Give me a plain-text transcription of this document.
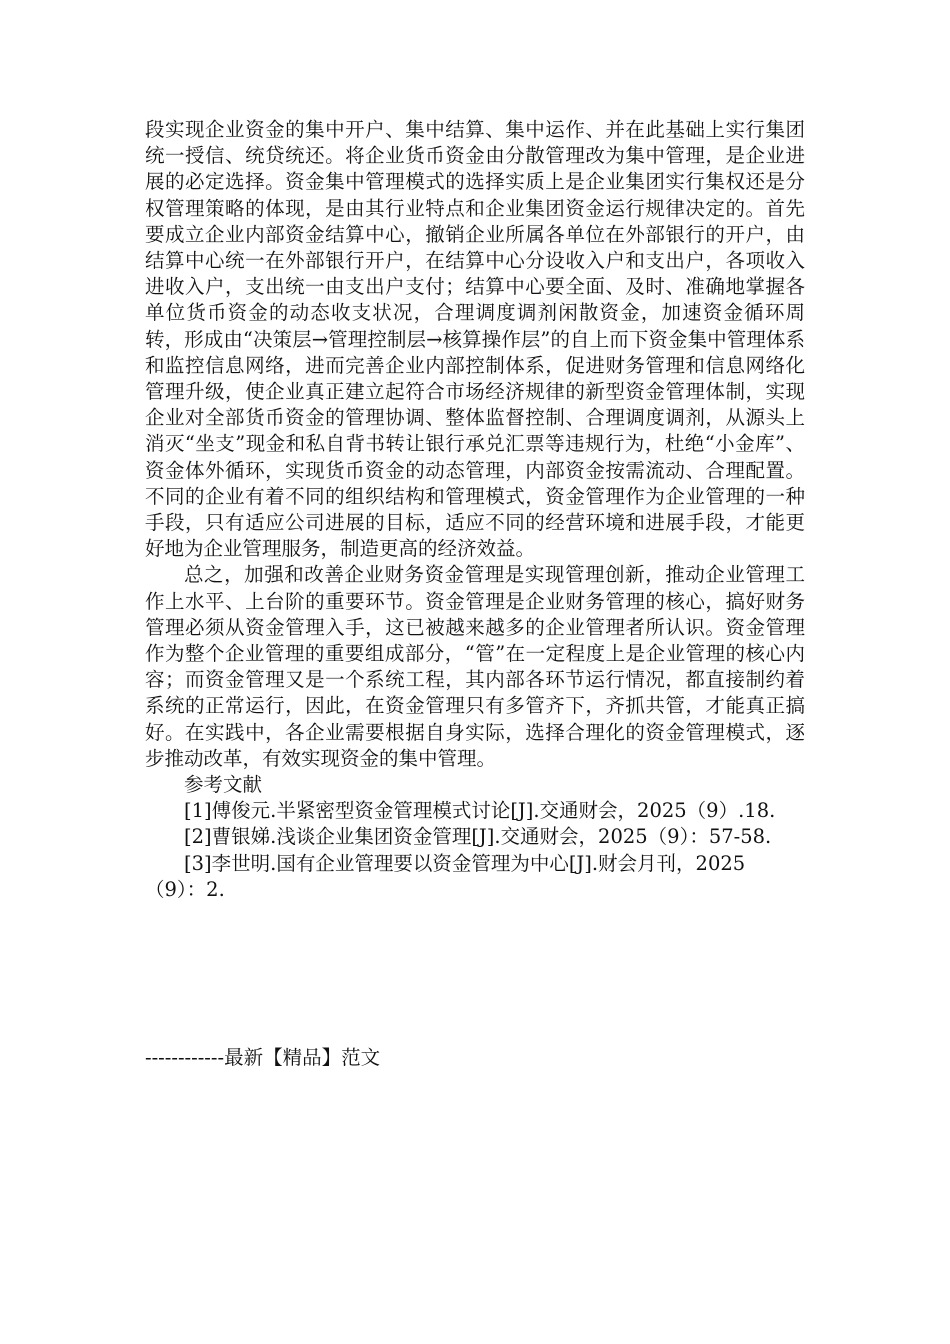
段实现企业资金的集中开户、集中结算、集中运作、并在此基础上实行集团统一授信、统贷统还。将企业货币资金由分散管理改为集中管理，是企业进展的必定选择。资金集中管理模式的选择实质上是企业集团实行集权还是分权管理策略的体现，是由其行业特点和企业集团资金运行规律决定的。首先要成立企业内部资金结算中心，撤销企业所属各单位在外部银行的开户，由结算中心统一在外部银行开户，在结算中心分设收入户和支出户，各项收入进收入户，支出统一由支出户支付；结算中心要全面、及时、准确地掌握各单位货币资金的动态收支状况，合理调度调剂闲散资金，加速资金循环周转，形成由“决策层→管理控制层→核算操作层”的自上而下资金集中管理体系和监控信息网络，进而完善企业内部控制体系，促进财务管理和信息网络化管理升级，使企业真正建立起符合市场经济规律的新型资金管理体制，实现企业对全部货币资金的管理协调、整体监督控制、合理调度调剂，从源头上消灭“坐支”现金和私自背书转让银行承兑汇票等违规行为，杜绝“小金库”、资金体外循环，实现货币资金的动态管理，内部资金按需流动、合理配置。不同的企业有着不同的组织结构和管理模式，资金管理作为企业管理的一种手段，只有适应公司进展的目标，适应不同的经营环境和进展手段，才能更好地为企业管理服务，制造更高的经济效益。

总之，加强和改善企业财务资金管理是实现管理创新，推动企业管理工作上水平、上台阶的重要环节。资金管理是企业财务管理的核心，搞好财务管理必须从资金管理入手，这已被越来越多的企业管理者所认识。资金管理作为整个企业管理的重要组成部分，“管”在一定程度上是企业管理的核心内容；而资金管理又是一个系统工程，其内部各环节运行情况，都直接制约着系统的正常运行，因此，在资金管理只有多管齐下，齐抓共管，才能真正搞好。在实践中，各企业需要根据自身实际，选择合理化的资金管理模式，逐步推动改革，有效实现资金的集中管理。

参考文献

[1]傅俊元.半紧密型资金管理模式讨论[J].交通财会，2025（9）.18.

[2]曹银娣.浅谈企业集团资金管理[J].交通财会，2025（9）：57-58.

[3]李世明.国有企业管理要以资金管理为中心[J].财会月刊，2025（9）：2.

------------最新【精品】范文
